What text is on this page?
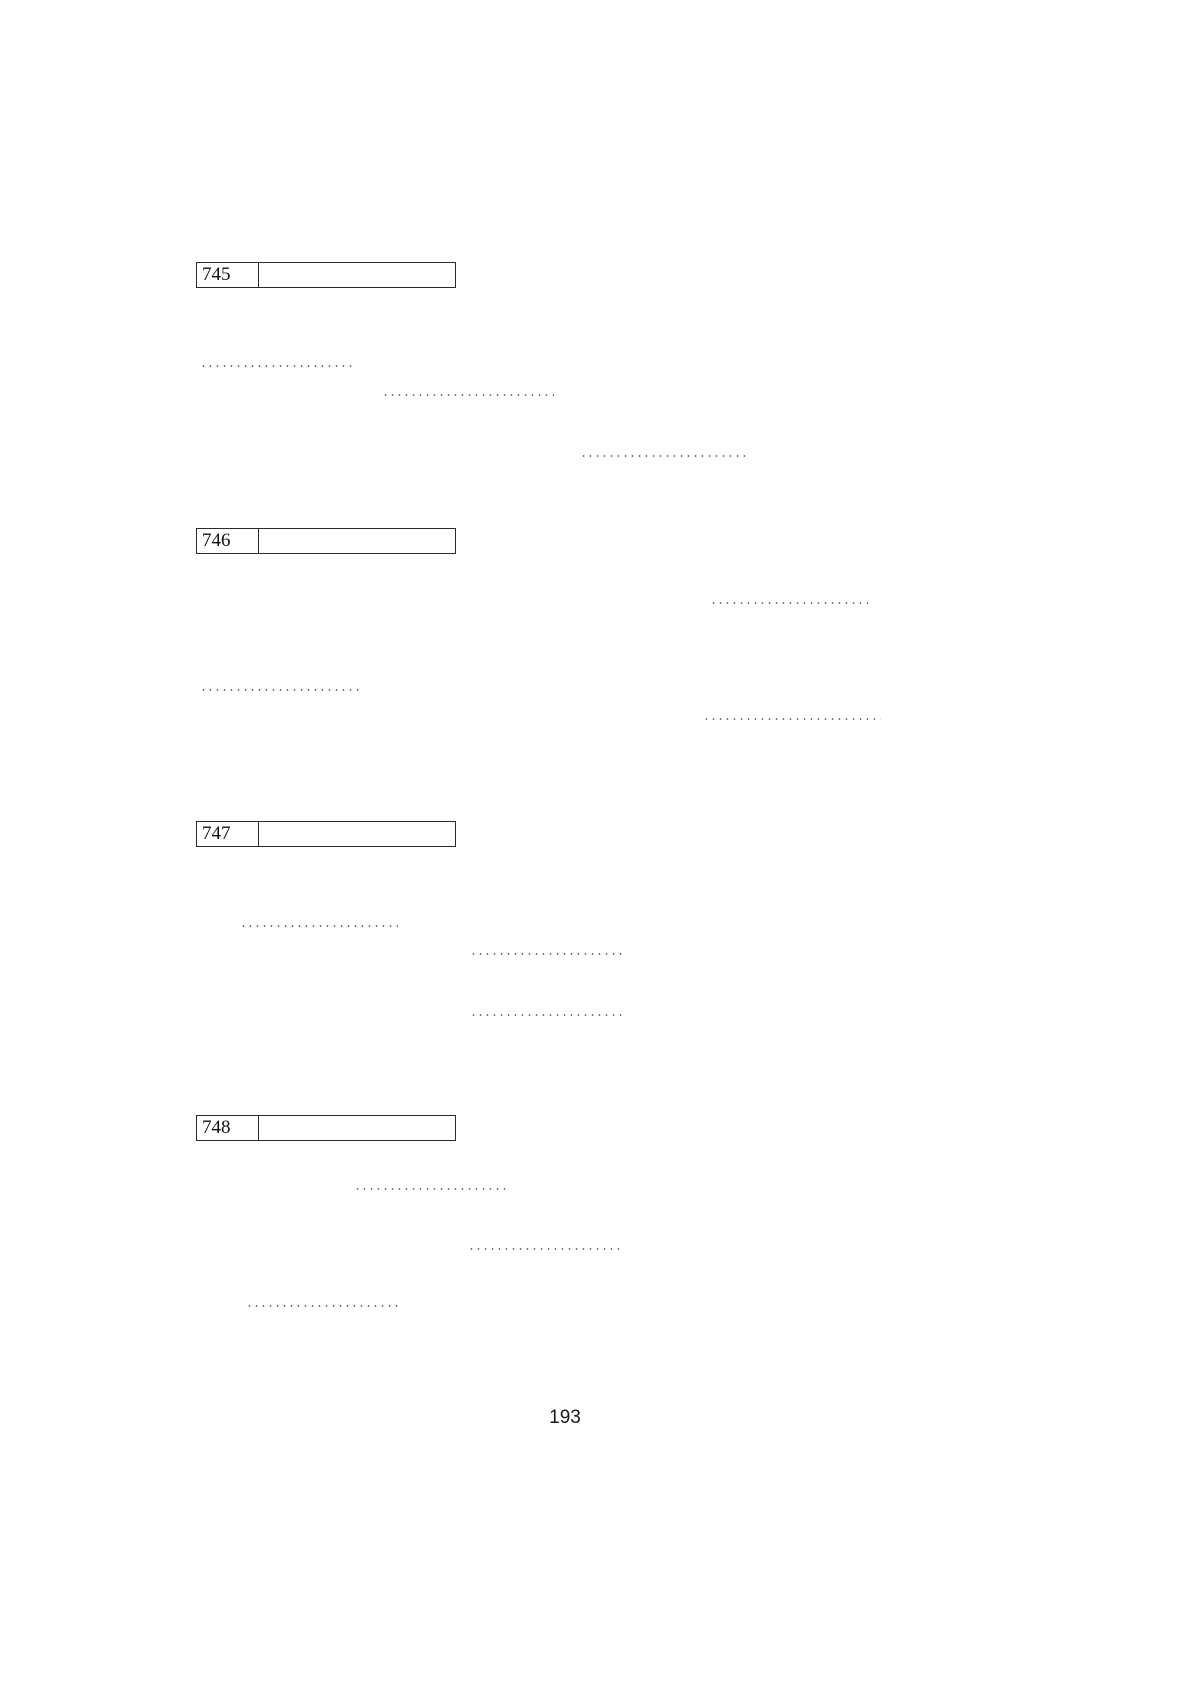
745
746
747
748
193
